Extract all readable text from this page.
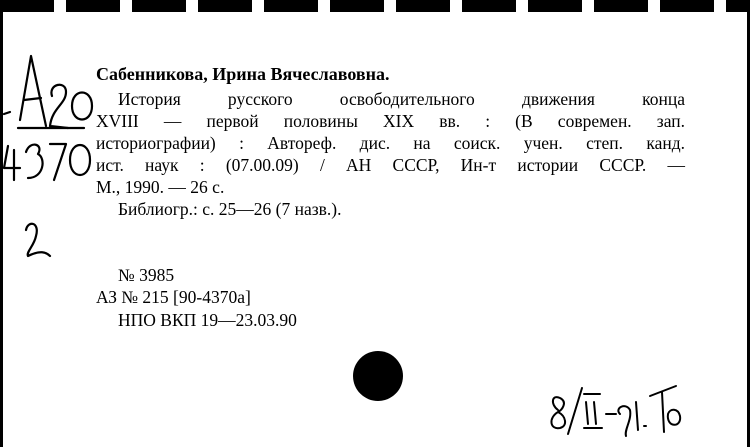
Сабенникова, Ирина Вячеславовна.
История русского освободительного движения конца
XVIII — первой половины XIX вв. : (В современ. зап.
историографии) : Автореф. дис. на соиск. учен. степ. канд.
ист. наук : (07.00.09) / АН СССР, Ин-т истории СССР. —
М., 1990. — 26 с.
Библиогр.: с. 25—26 (7 назв.).
№ 3985
АЗ № 215 [90-4370а]
НПО ВКП 19—23.03.90
